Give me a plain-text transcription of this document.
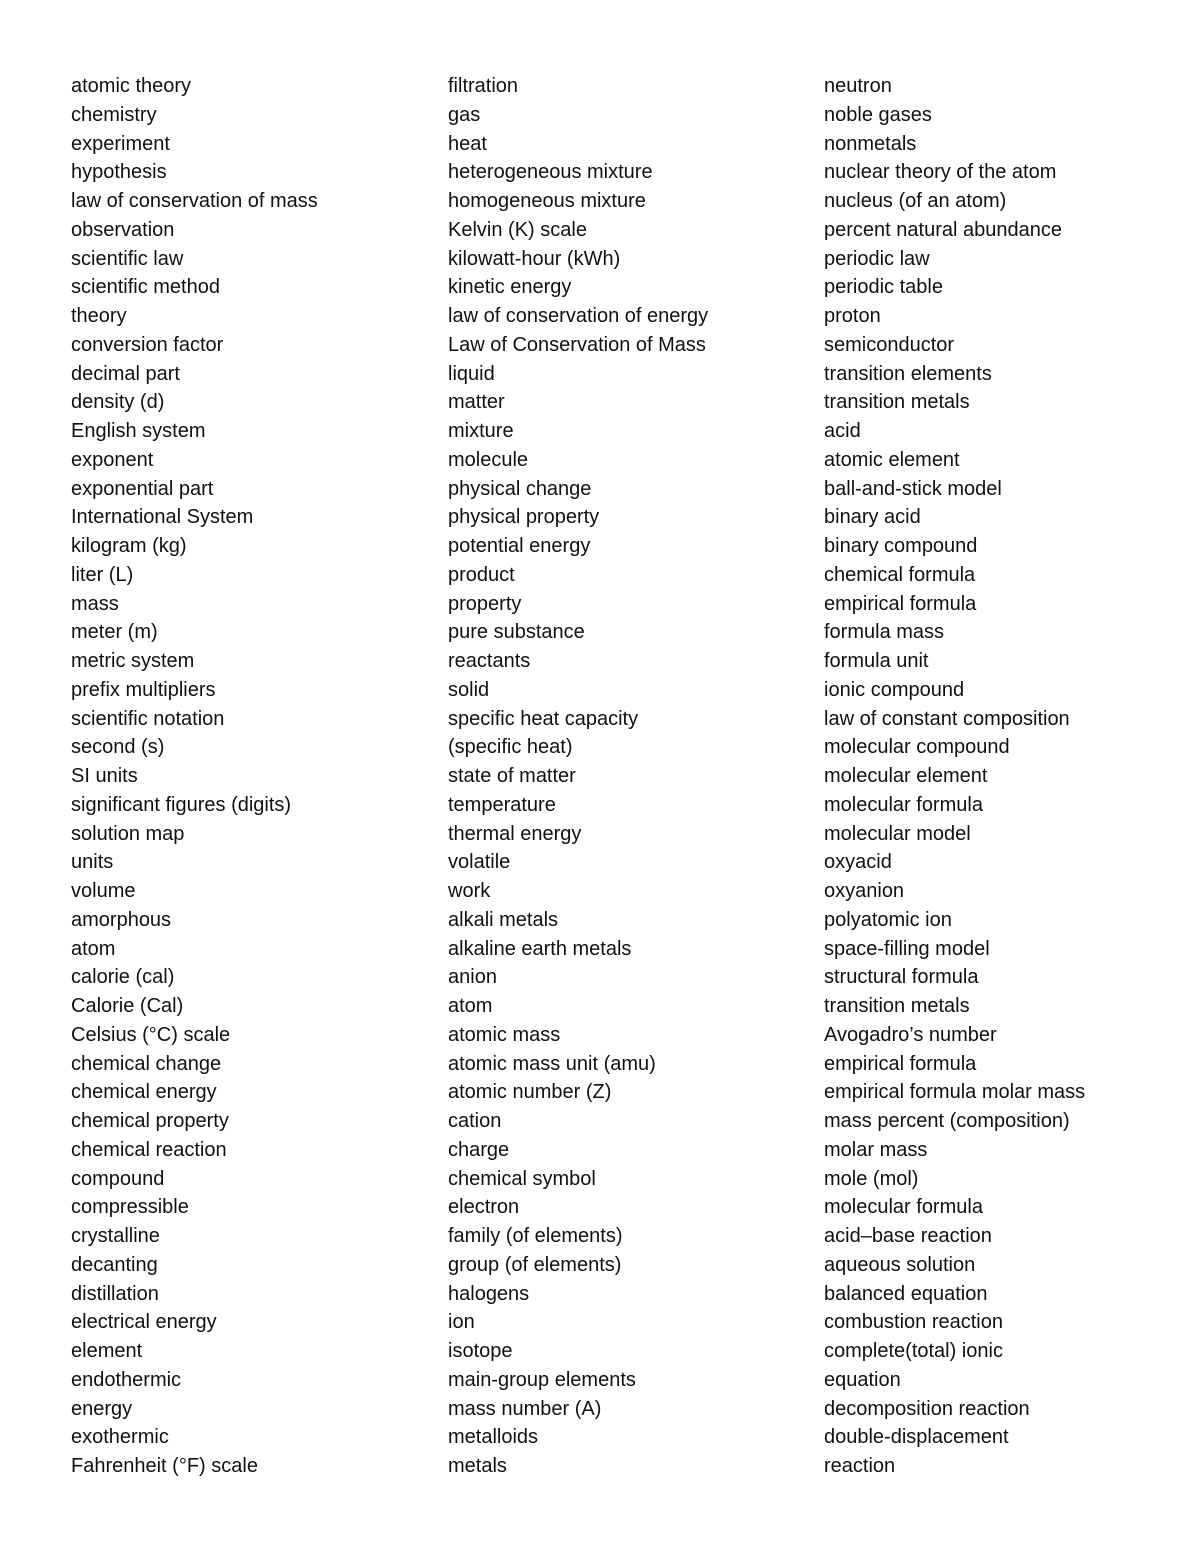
atomic theory
chemistry
experiment
hypothesis
law of conservation of mass
observation
scientific law
scientific method
theory
conversion factor
decimal part
density (d)
English system
exponent
exponential part
International System
kilogram (kg)
liter (L)
mass
meter (m)
metric system
prefix multipliers
scientific notation
second (s)
SI units
significant figures (digits)
solution map
units
volume
amorphous
atom
calorie (cal)
Calorie (Cal)
Celsius (°C) scale
chemical change
chemical energy
chemical property
chemical reaction
compound
compressible
crystalline
decanting
distillation
electrical energy
element
endothermic
energy
exothermic
Fahrenheit (°F) scale
filtration
gas
heat
heterogeneous mixture
homogeneous mixture
Kelvin (K) scale
kilowatt-hour (kWh)
kinetic energy
law of conservation of energy
Law of Conservation of Mass
liquid
matter
mixture
molecule
physical change
physical property
potential energy
product
property
pure substance
reactants
solid
specific heat capacity
(specific heat)
state of matter
temperature
thermal energy
volatile
work
alkali metals
alkaline earth metals
anion
atom
atomic mass
atomic mass unit (amu)
atomic number (Z)
cation
charge
chemical symbol
electron
family (of elements)
group (of elements)
halogens
ion
isotope
main-group elements
mass number (A)
metalloids
metals
neutron
noble gases
nonmetals
nuclear theory of the atom
nucleus (of an atom)
percent natural abundance
periodic law
periodic table
proton
semiconductor
transition elements
transition metals
acid
atomic element
ball-and-stick model
binary acid
binary compound
chemical formula
empirical formula
formula mass
formula unit
ionic compound
law of constant composition
molecular compound
molecular element
molecular formula
molecular model
oxyacid
oxyanion
polyatomic ion
space-filling model
structural formula
transition metals
Avogadro’s number
empirical formula
empirical formula molar mass
mass percent (composition)
molar mass
mole (mol)
molecular formula
acid–base reaction
aqueous solution
balanced equation
combustion reaction
complete(total) ionic
equation
decomposition reaction
double-displacement
reaction
